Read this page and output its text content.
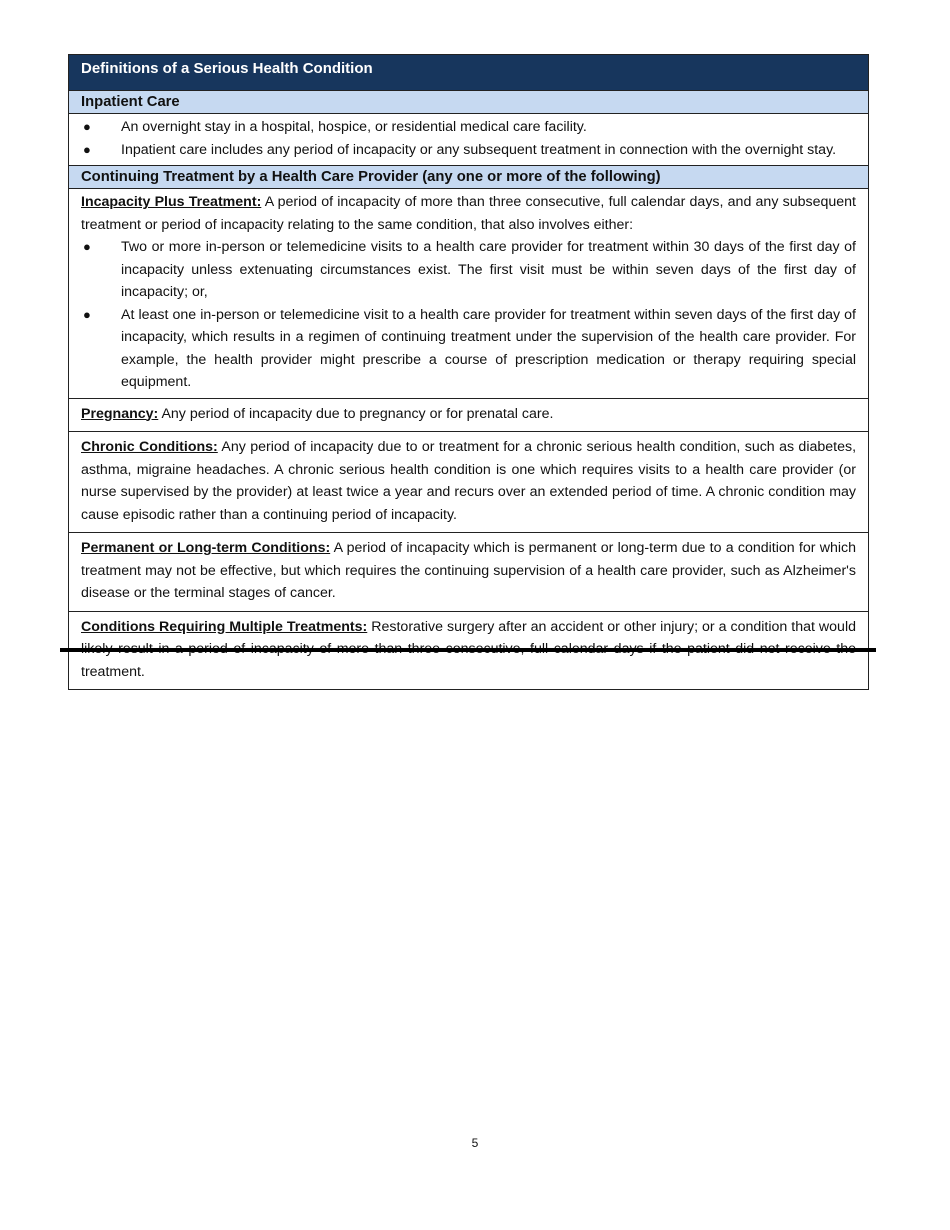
Definitions of a Serious Health Condition
Inpatient Care
● An overnight stay in a hospital, hospice, or residential medical care facility.
● Inpatient care includes any period of incapacity or any subsequent treatment in connection with the overnight stay.
Continuing Treatment by a Health Care Provider (any one or more of the following)
Incapacity Plus Treatment: A period of incapacity of more than three consecutive, full calendar days, and any subsequent treatment or period of incapacity relating to the same condition, that also involves either:
● Two or more in-person or telemedicine visits to a health care provider for treatment within 30 days of the first day of incapacity unless extenuating circumstances exist. The first visit must be within seven days of the first day of incapacity; or,
● At least one in-person or telemedicine visit to a health care provider for treatment within seven days of the first day of incapacity, which results in a regimen of continuing treatment under the supervision of the health care provider. For example, the health provider might prescribe a course of prescription medication or therapy requiring special equipment.
Pregnancy: Any period of incapacity due to pregnancy or for prenatal care.
Chronic Conditions: Any period of incapacity due to or treatment for a chronic serious health condition, such as diabetes, asthma, migraine headaches. A chronic serious health condition is one which requires visits to a health care provider (or nurse supervised by the provider) at least twice a year and recurs over an extended period of time. A chronic condition may cause episodic rather than a continuing period of incapacity.
Permanent or Long-term Conditions: A period of incapacity which is permanent or long-term due to a condition for which treatment may not be effective, but which requires the continuing supervision of a health care provider, such as Alzheimer's disease or the terminal stages of cancer.
Conditions Requiring Multiple Treatments: Restorative surgery after an accident or other injury; or a condition that would treatment.
5
